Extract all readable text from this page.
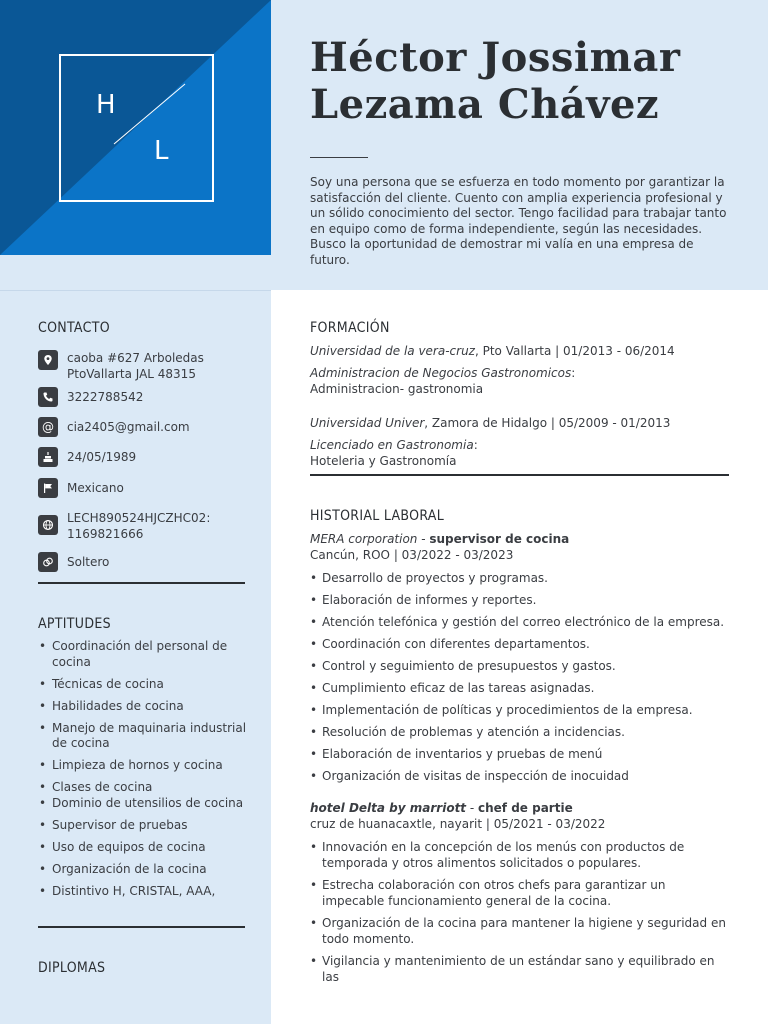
H
L
Héctor Jossimar
Lezama Chávez

Soy una persona que se esfuerza en todo momento por garantizar la satisfacción del cliente. Cuento con amplia experiencia profesional y un sólido conocimiento del sector. Tengo facilidad para trabajar tanto en equipo como de forma independiente, según las necesidades. Busco la oportunidad de demostrar mi valía en una empresa de futuro.

CONTACTO
caoba #627 Arboledas PtoVallarta JAL 48315
3222788542
@	cia2405@gmail.com
24/05/1989
Mexicano
LECH890524HJCZHC02: 1169821666
Soltero
APTITUDES
• Coordinación del personal de cocina
• Técnicas de cocina
• Habilidades de cocina
• Manejo de maquinaria industrial de cocina
• Limpieza de hornos y cocina
• Clases de cocina
• Dominio de utensilios de cocina
• Supervisor de pruebas
• Uso de equipos de cocina
• Organización de la cocina
• Distintivo H, CRISTAL, AAA,
DIPLOMAS
FORMACIÓN
Universidad de la vera-cruz, Pto Vallarta | 01/2013 - 06/2014
Administracion de Negocios Gastronomicos:
Administracion- gastronomia
Universidad Univer, Zamora de Hidalgo | 05/2009 - 01/2013
Licenciado en Gastronomia:
Hoteleria y Gastronomía
HISTORIAL LABORAL
MERA corporation - supervisor de cocina
Cancún, ROO | 03/2022 - 03/2023
• Desarrollo de proyectos y programas.
• Elaboración de informes y reportes.
• Atención telefónica y gestión del correo electrónico de la empresa.
• Coordinación con diferentes departamentos.
• Control y seguimiento de presupuestos y gastos.
• Cumplimiento eficaz de las tareas asignadas.
• Implementación de políticas y procedimientos de la empresa.
• Resolución de problemas y atención a incidencias.
• Elaboración de inventarios y pruebas de menú
• Organización de visitas de inspección de inocuidad
hotel Delta by marriott - chef de partie
cruz de huanacaxtle, nayarit | 05/2021 - 03/2022
• Innovación en la concepción de los menús con productos de temporada y otros alimentos solicitados o populares.
• Estrecha colaboración con otros chefs para garantizar un impecable funcionamiento general de la cocina.
• Organización de la cocina para mantener la higiene y seguridad en todo momento.
• Vigilancia y mantenimiento de un estándar sano y equilibrado en las
